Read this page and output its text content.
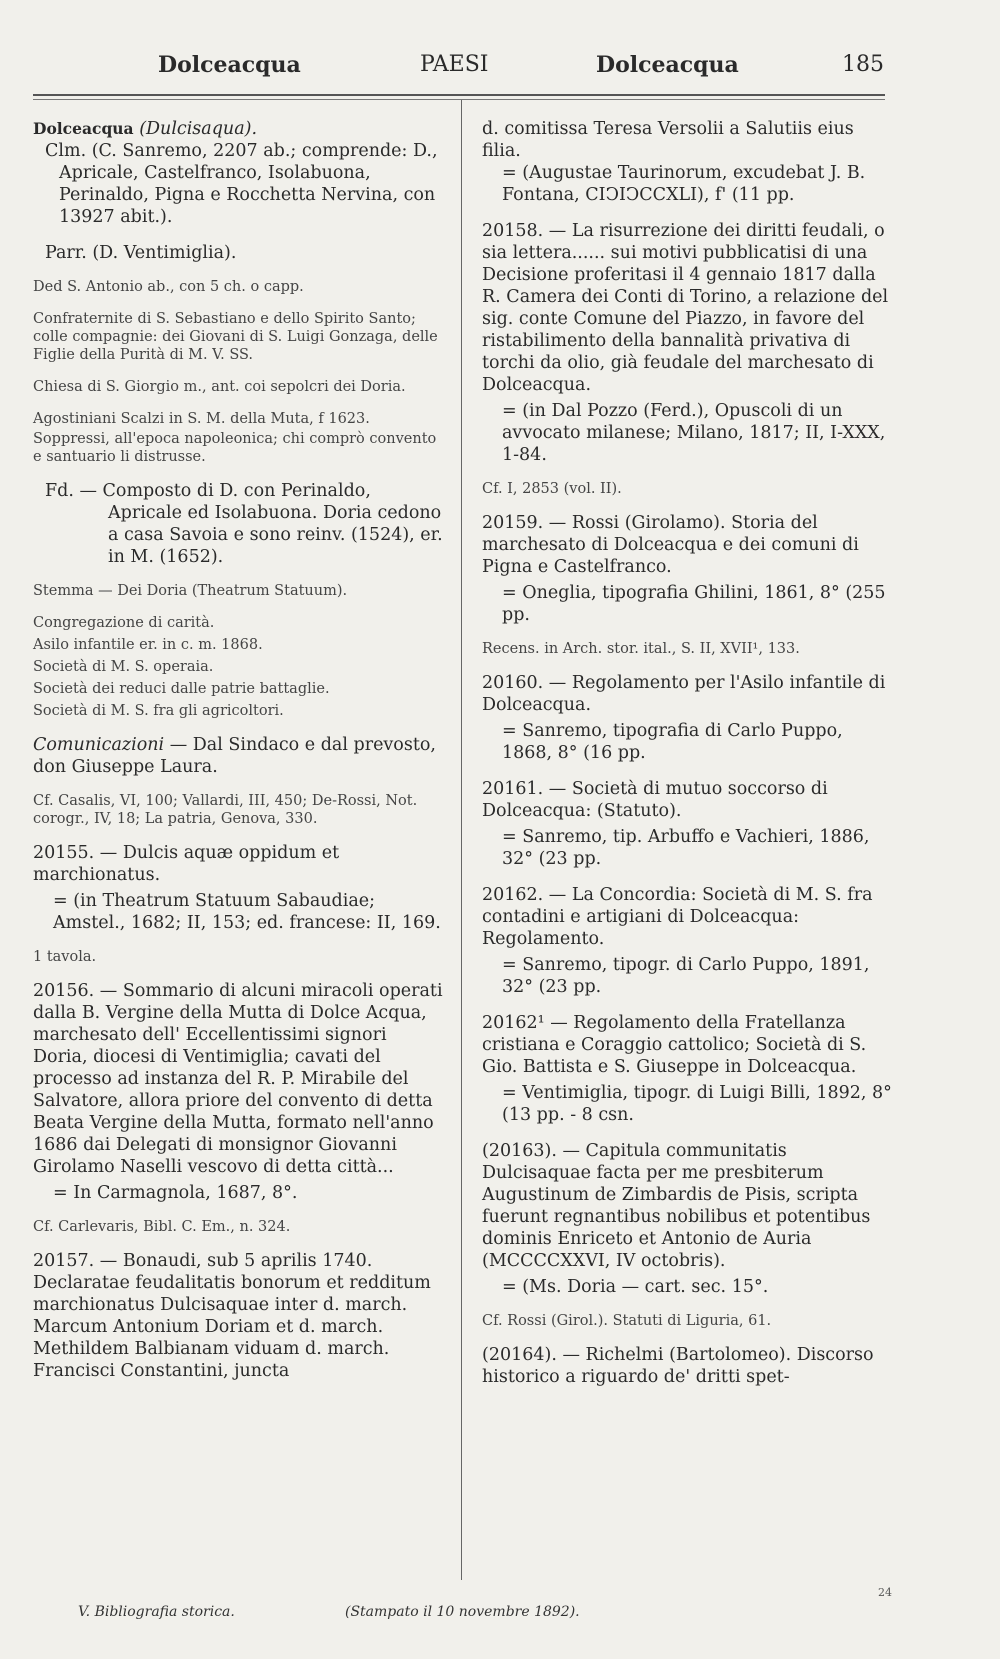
Dolceacqua	PAESI	Dolceacqua	185

Dolceacqua (Dulcisaqua).

Clm. (C. Sanremo, 2207 ab.; comprende: D., Apricale, Castelfranco, Isolabuona, Perinaldo, Pigna e Rocchetta Nervina, con 13927 abit.).

Parr. (D. Ventimiglia).

Ded S. Antonio ab., con 5 ch. o capp.

Confraternite di S. Sebastiano e dello Spirito Santo; colle compagnie: dei Giovani di S. Luigi Gonzaga, delle Figlie della Purità di M. V. SS.

Chiesa di S. Giorgio m., ant. coi sepolcri dei Doria.

Agostiniani Scalzi in S. M. della Muta, f 1623.

Soppressi, all'epoca napoleonica; chi comprò convento e santuario li distrusse.

Fd. — Composto di D. con Perinaldo, Apricale ed Isolabuona. Doria cedono a casa Savoia e sono reinv. (1524), er. in M. (1652).

Stemma — Dei Doria (Theatrum Statuum).

Congregazione di carità.

Asilo infantile er. in c. m. 1868.

Società di M. S. operaia.

Società dei reduci dalle patrie battaglie.

Società di M. S. fra gli agricoltori.

Comunicazioni — Dal Sindaco e dal prevosto, don Giuseppe Laura.

Cf. Casalis, VI, 100; Vallardi, III, 450; De-Rossi, Not. corogr., IV, 18; La patria, Genova, 330.

20155. — Dulcis aquæ oppidum et marchionatus.

= (in Theatrum Statuum Sabaudiae; Amstel., 1682; II, 153; ed. francese: II, 169.

1 tavola.

20156. — Sommario di alcuni miracoli operati dalla B. Vergine della Mutta di Dolce Acqua, marchesato dell' Eccellentissimi signori Doria, diocesi di Ventimiglia; cavati del processo ad instanza del R. P. Mirabile del Salvatore, allora priore del convento di detta Beata Vergine della Mutta, formato nell'anno 1686 dai Delegati di monsignor Giovanni Girolamo Naselli vescovo di detta città...

= In Carmagnola, 1687, 8°.

Cf. Carlevaris, Bibl. C. Em., n. 324.

20157. — Bonaudi, sub 5 aprilis 1740. Declaratae feudalitatis bonorum et redditum marchionatus Dulcisaquae inter d. march. Marcum Antonium Doriam et d. march. Methildem Balbianam viduam d. march. Francisci Constantini, juncta

d. comitissa Teresa Versolii a Salutiis eius filia.

= (Augustae Taurinorum, excudebat J. B. Fontana, CIↃIↃCCXLI), f' (11 pp.

20158. — La risurrezione dei diritti feudali, o sia lettera...... sui motivi pubblicatisi di una Decisione proferitasi il 4 gennaio 1817 dalla R. Camera dei Conti di Torino, a relazione del sig. conte Comune del Piazzo, in favore del ristabilimento della bannalità privativa di torchi da olio, già feudale del marchesato di Dolceacqua.

= (in Dal Pozzo (Ferd.), Opuscoli di un avvocato milanese; Milano, 1817; II, I-XXX, 1-84.

Cf. I, 2853 (vol. II).

20159. — Rossi (Girolamo). Storia del marchesato di Dolceacqua e dei comuni di Pigna e Castelfranco.

= Oneglia, tipografia Ghilini, 1861, 8° (255 pp.

Recens. in Arch. stor. ital., S. II, XVII¹, 133.

20160. — Regolamento per l'Asilo infantile di Dolceacqua.

= Sanremo, tipografia di Carlo Puppo, 1868, 8° (16 pp.

20161. — Società di mutuo soccorso di Dolceacqua: (Statuto).

= Sanremo, tip. Arbuffo e Vachieri, 1886, 32° (23 pp.

20162. — La Concordia: Società di M. S. fra contadini e artigiani di Dolceacqua: Regolamento.

= Sanremo, tipogr. di Carlo Puppo, 1891, 32° (23 pp.

20162¹ — Regolamento della Fratellanza cristiana e Coraggio cattolico; Società di S. Gio. Battista e S. Giuseppe in Dolceacqua.

= Ventimiglia, tipogr. di Luigi Billi, 1892, 8° (13 pp. - 8 csn.

(20163). — Capitula communitatis Dulcisaquae facta per me presbiterum Augustinum de Zimbardis de Pisis, scripta fuerunt regnantibus nobilibus et potentibus dominis Enriceto et Antonio de Auria (MCCCCXXVI, IV octobris).

= (Ms. Doria — cart. sec. 15°.

Cf. Rossi (Girol.). Statuti di Liguria, 61.

(20164). — Richelmi (Bartolomeo). Discorso historico a riguardo de' dritti spet-

24
V. Bibliografia storica.	(Stampato il 10 novembre 1892).
